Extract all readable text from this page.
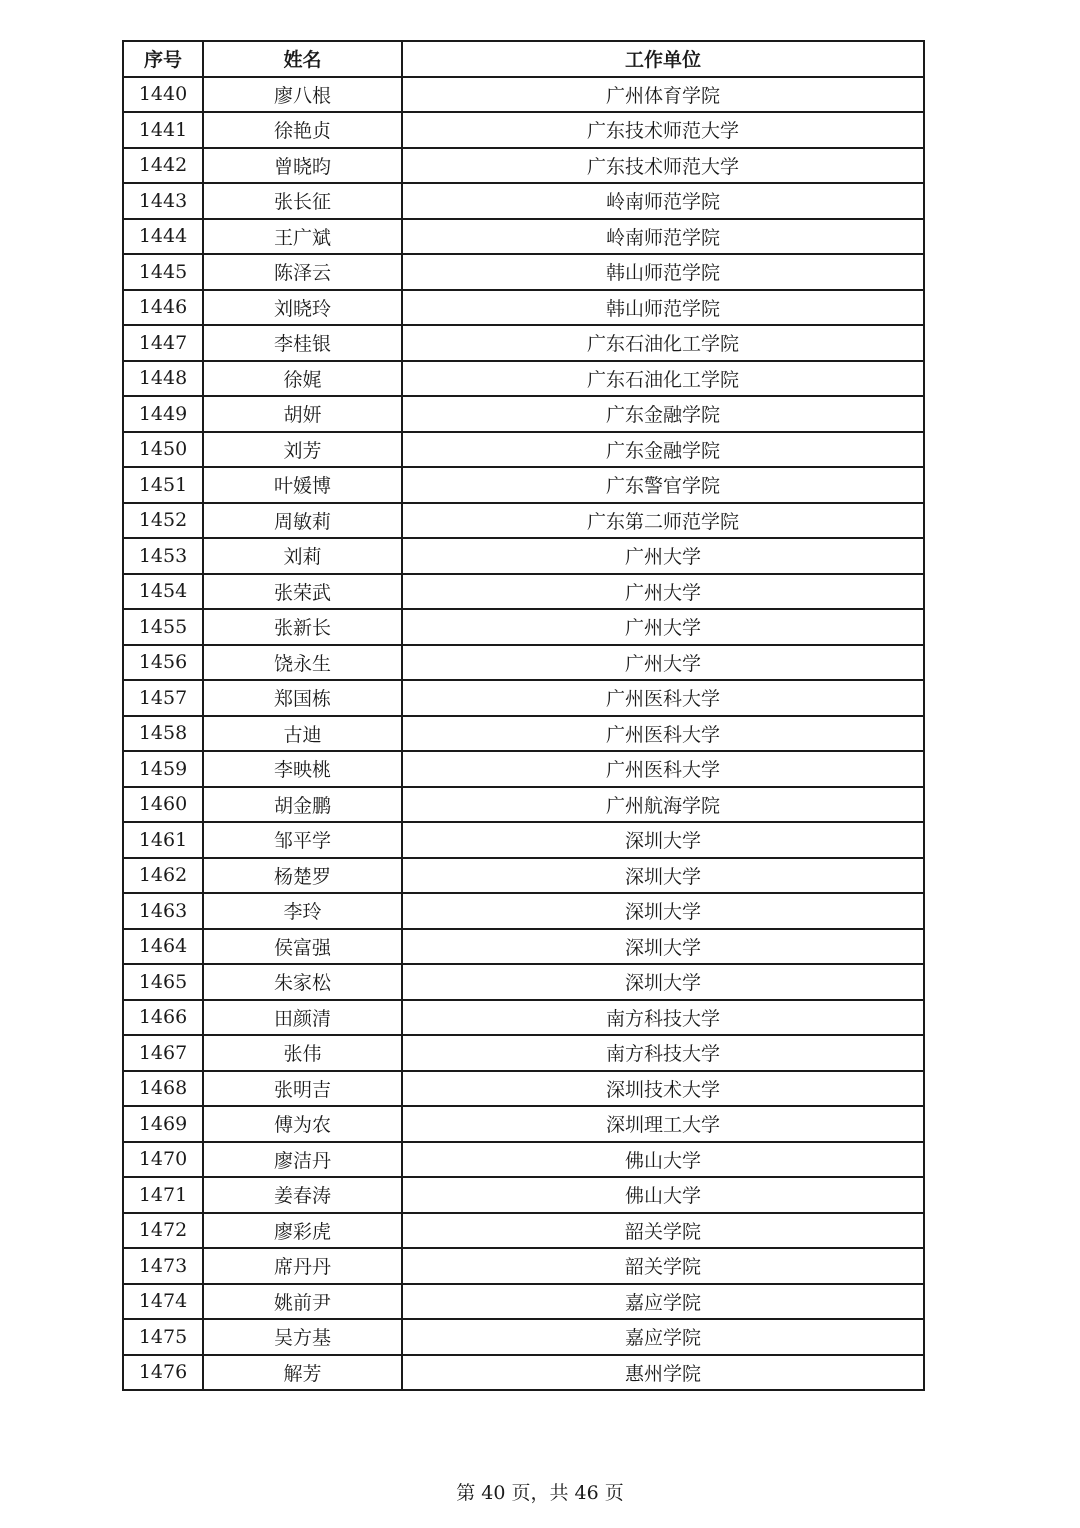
序号	姓名	工作单位
1440	廖八根	广州体育学院
1441	徐艳贞	广东技术师范大学
1442	曾晓昀	广东技术师范大学
1443	张长征	岭南师范学院
1444	王广斌	岭南师范学院
1445	陈泽云	韩山师范学院
1446	刘晓玲	韩山师范学院
1447	李桂银	广东石油化工学院
1448	徐娓	广东石油化工学院
1449	胡妍	广东金融学院
1450	刘芳	广东金融学院
1451	叶媛博	广东警官学院
1452	周敏莉	广东第二师范学院
1453	刘莉	广州大学
1454	张荣武	广州大学
1455	张新长	广州大学
1456	饶永生	广州大学
1457	郑国栋	广州医科大学
1458	古迪	广州医科大学
1459	李映桃	广州医科大学
1460	胡金鹏	广州航海学院
1461	邹平学	深圳大学
1462	杨楚罗	深圳大学
1463	李玲	深圳大学
1464	侯富强	深圳大学
1465	朱家松	深圳大学
1466	田颜清	南方科技大学
1467	张伟	南方科技大学
1468	张明吉	深圳技术大学
1469	傅为农	深圳理工大学
1470	廖洁丹	佛山大学
1471	姜春涛	佛山大学
1472	廖彩虎	韶关学院
1473	席丹丹	韶关学院
1474	姚前尹	嘉应学院
1475	吴方基	嘉应学院
1476	解芳	惠州学院
第 40 页，共 46 页
